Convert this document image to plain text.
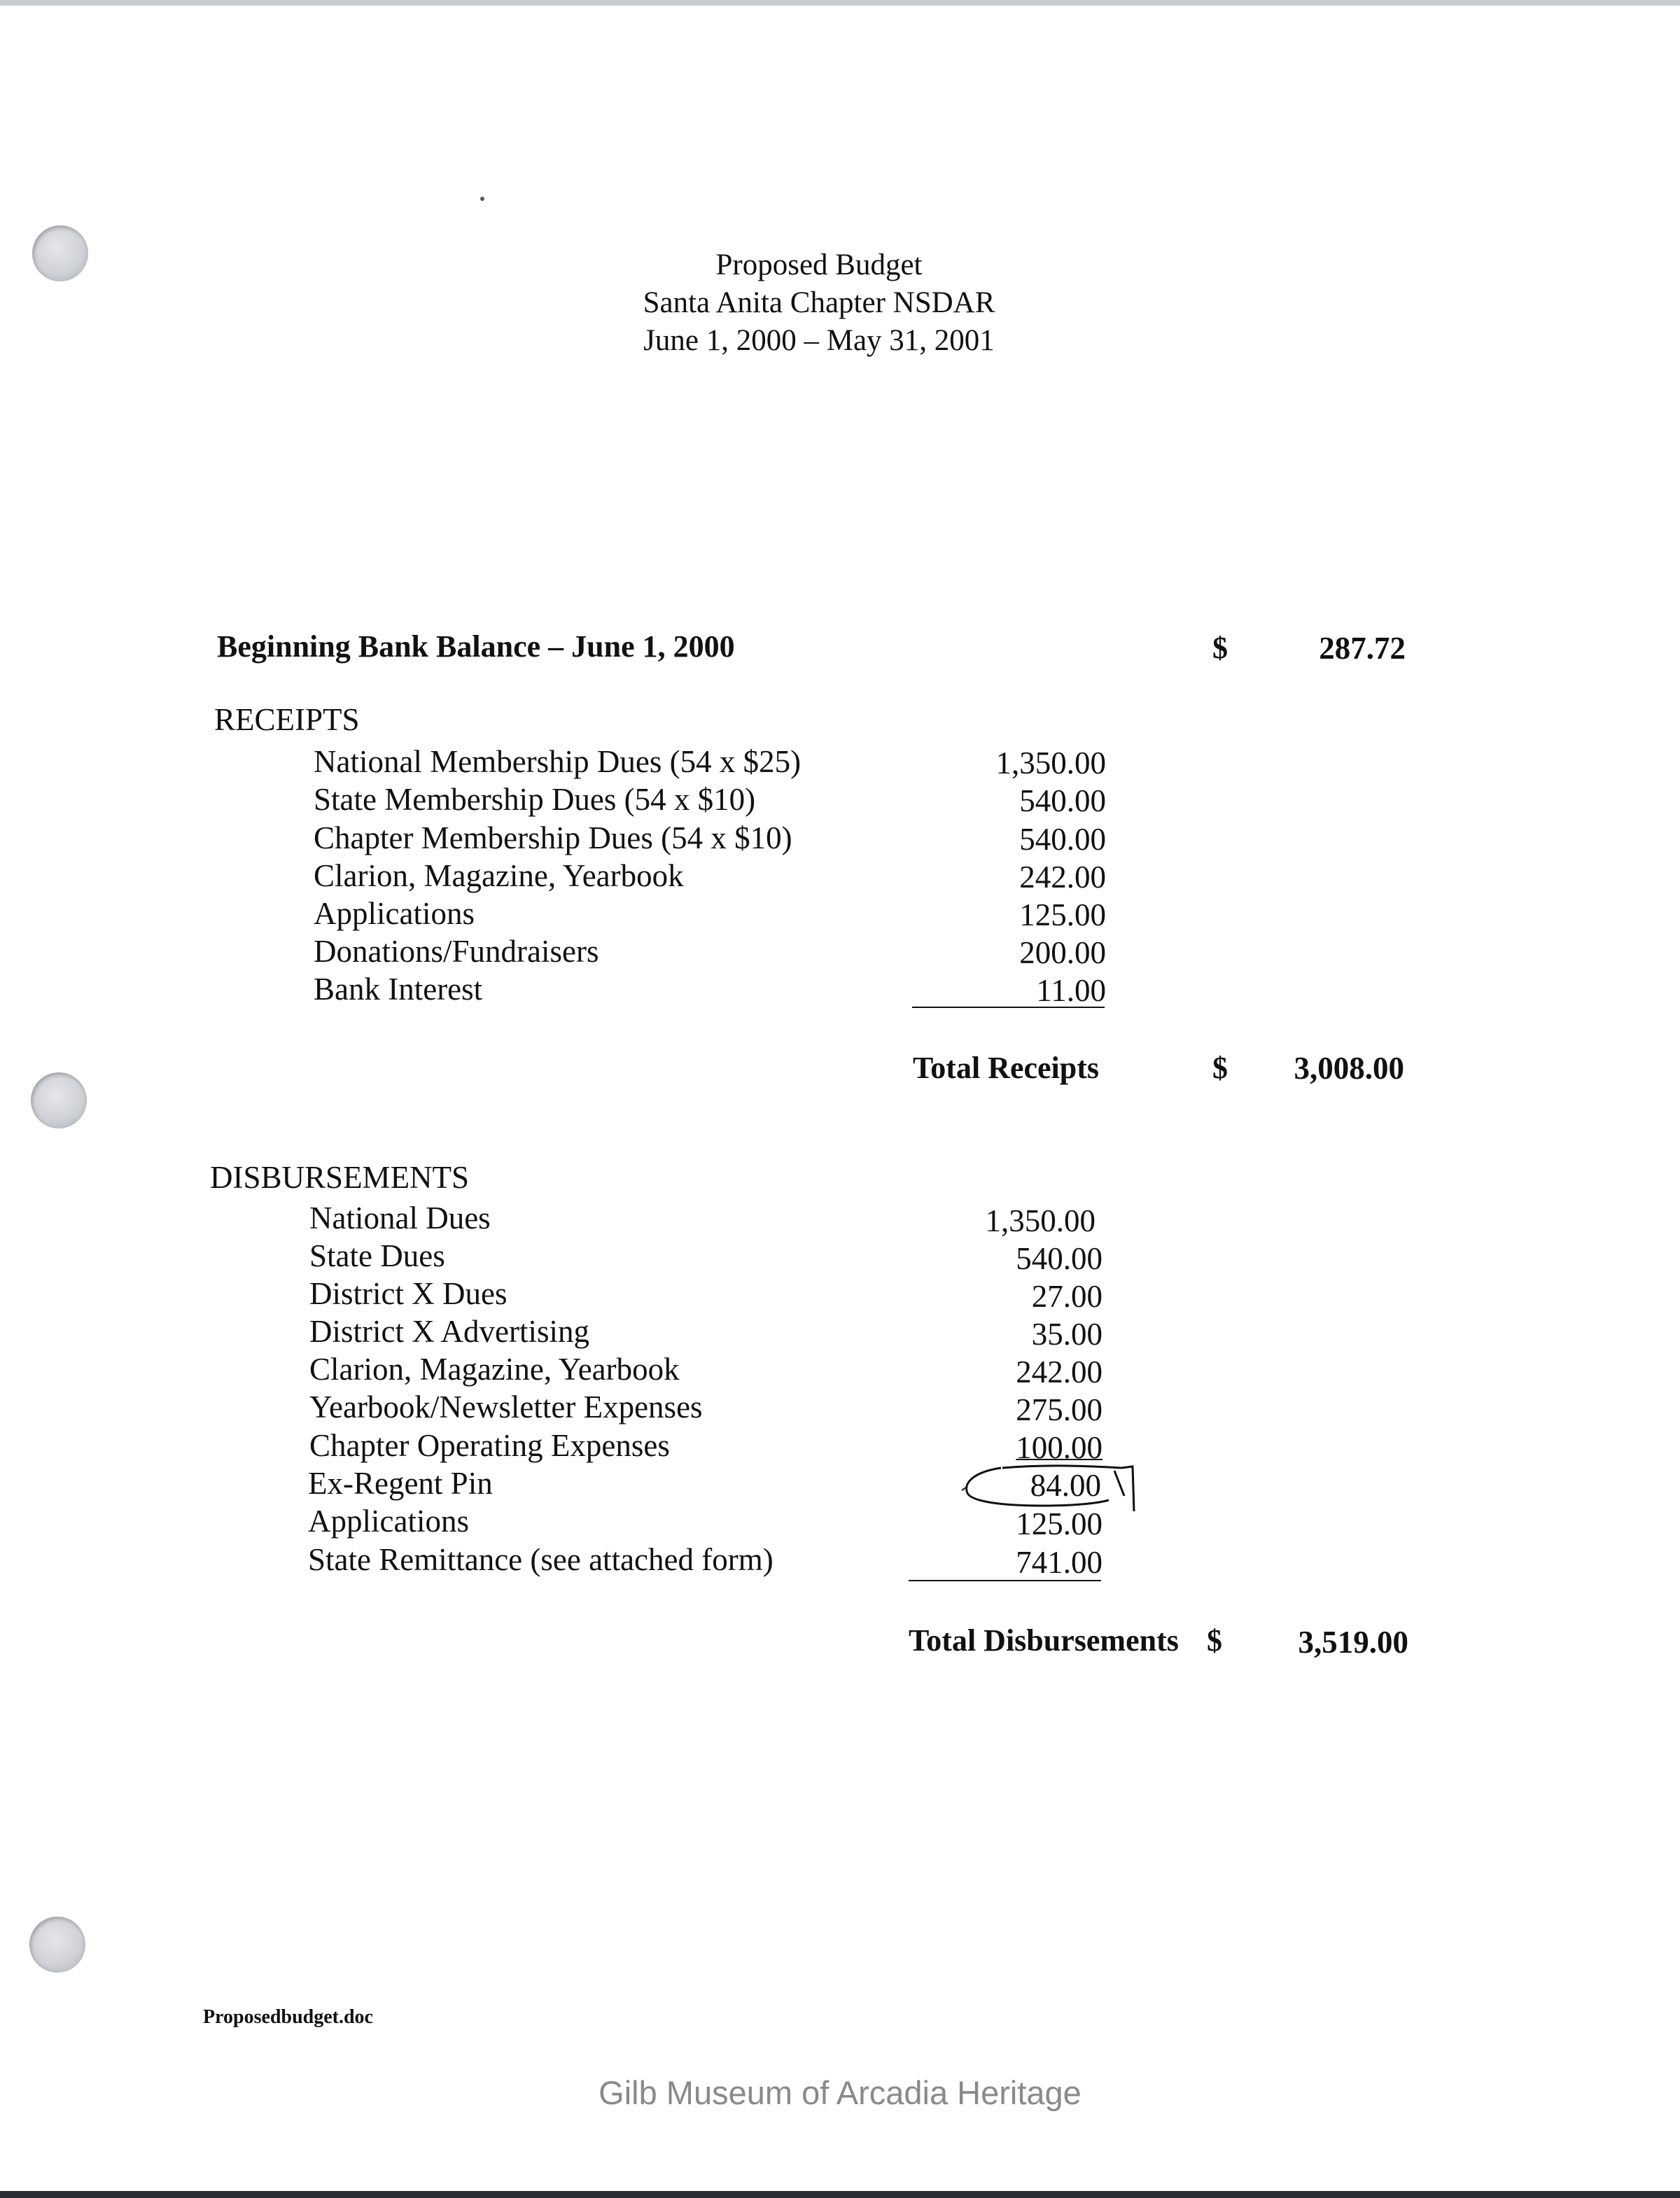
Proposed Budget
Santa Anita Chapter NSDAR
June 1, 2000 – May 31, 2001
Beginning Bank Balance – June 1, 2000	$	287.72
RECEIPTS
National Membership Dues (54 x $25)	1,350.00
State Membership Dues (54 x $10)	540.00
Chapter Membership Dues (54 x $10)	540.00
Clarion, Magazine, Yearbook	242.00
Applications	125.00
Donations/Fundraisers	200.00
Bank Interest	11.00
Total Receipts	$	3,008.00
DISBURSEMENTS
National Dues	1,350.00
State Dues	540.00
District X Dues	27.00
District X Advertising	35.00
Clarion, Magazine, Yearbook	242.00
Yearbook/Newsletter Expenses	275.00
Chapter Operating Expenses	100.00
Ex-Regent Pin	84.00
Applications	125.00
State Remittance (see attached form)	741.00
Total Disbursements $	3,519.00
Proposedbudget.doc
Gilb Museum of Arcadia Heritage
